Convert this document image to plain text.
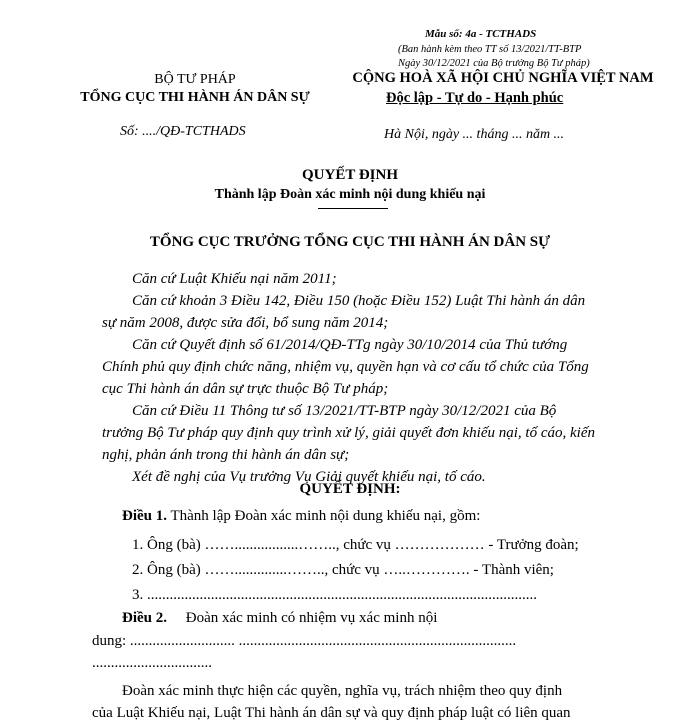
Mẫu số: 4a - TCTHADS
(Ban hành kèm theo TT số 13/2021/TT-BTP
Ngày 30/12/2021 của Bộ trưởng Bộ Tư pháp)
BỘ TƯ PHÁP
TỔNG CỤC THI HÀNH ÁN DÂN SỰ
CỘNG HOÀ XÃ HỘI CHỦ NGHĨA VIỆT NAM
Độc lập - Tự do - Hạnh phúc
Số: ..../QĐ-TCTHADS	Hà Nội, ngày ... tháng ... năm ...
QUYẾT ĐỊNH
Thành lập Đoàn xác minh nội dung khiếu nại
TỔNG CỤC TRƯỞNG TỔNG CỤC THI HÀNH ÁN DÂN SỰ
Căn cứ Luật Khiếu nại năm 2011;
Căn cứ khoản 3 Điều 142, Điều 150 (hoặc Điều 152) Luật Thi hành án dân
sự năm 2008, được sửa đổi, bổ sung năm 2014;
Căn cứ Quyết định số 61/2014/QĐ-TTg ngày 30/10/2014 của Thủ tướng
Chính phủ quy định chức năng, nhiệm vụ, quyền hạn và cơ cấu tổ chức của Tổng
cục Thi hành án dân sự trực thuộc Bộ Tư pháp;
Căn cứ Điều 11 Thông tư số 13/2021/TT-BTP ngày 30/12/2021 của Bộ
trưởng Bộ Tư pháp quy định quy trình xử lý, giải quyết đơn khiếu nại, tố cáo, kiến
nghị, phản ánh trong thi hành án dân sự;
Xét đề nghị của Vụ trưởng Vụ Giải quyết khiếu nại, tố cáo.
QUYẾT ĐỊNH:
Điều 1. Thành lập Đoàn xác minh nội dung khiếu nại, gồm:
1. Ông (bà) …….................…….., chức vụ ……………… - Trưởng đoàn;
2. Ông (bà) ……..............…….., chức vụ …..…………. - Thành viên;
3. ........................................................................................................
Điều 2. Đoàn xác minh có nhiệm vụ xác minh nội
dung: ............................ ..........................................................................
................................
Đoàn xác minh thực hiện các quyền, nghĩa vụ, trách nhiệm theo quy định
của Luật Khiếu nại, Luật Thi hành án dân sự và quy định pháp luật có liên quan
